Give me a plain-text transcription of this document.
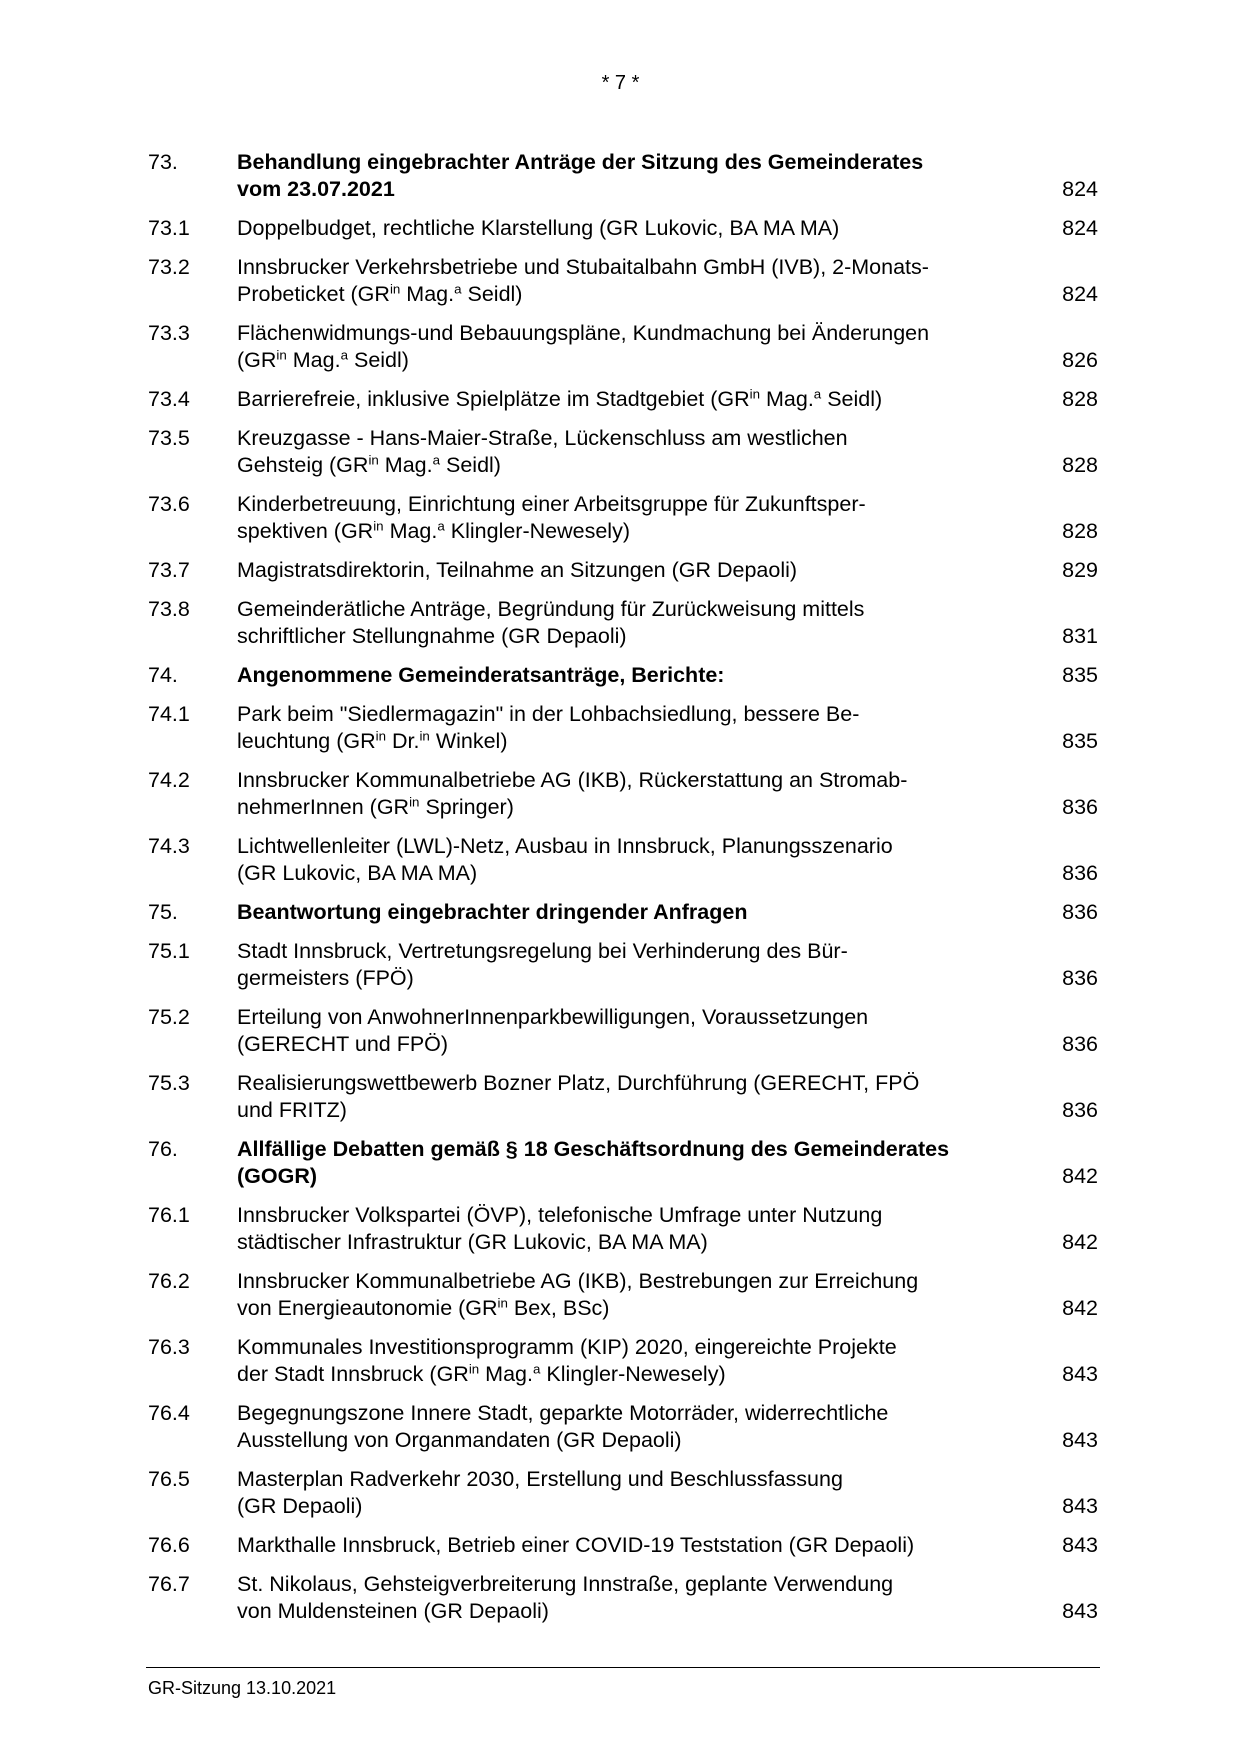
* 7 *
73.	Behandlung eingebrachter Anträge der Sitzung des Gemeinderates
vom 23.07.2021	824
73.1	Doppelbudget, rechtliche Klarstellung (GR Lukovic, BA MA MA)	824
73.2	Innsbrucker Verkehrsbetriebe und Stubaitalbahn GmbH (IVB), 2-Monats-
Probeticket ($GR^{in}$ Mag.$^a$ Seidl)	824
73.3	Flächenwidmungs-und Bebauungspläne, Kundmachung bei Änderungen
($GR^{in}$ Mag.$^a$ Seidl)	826
73.4	Barrierefreie, inklusive Spielplätze im Stadtgebiet ($GR^{in}$ Mag.$^a$ Seidl)	828
73.5	Kreuzgasse - Hans-Maier-Straße, Lückenschluss am westlichen
Gehsteig ($GR^{in}$ Mag.$^a$ Seidl)	828
73.6	Kinderbetreuung, Einrichtung einer Arbeitsgruppe für Zukunftsper-
spektiven ($GR^{in}$ Mag.$^a$ Klingler-Newesely)	828
73.7	Magistratsdirektorin, Teilnahme an Sitzungen (GR Depaoli)	829
73.8	Gemeinderätliche Anträge, Begründung für Zurückweisung mittels
schriftlicher Stellungnahme (GR Depaoli)	831
74.	Angenommene Gemeinderatsanträge, Berichte:	835
74.1	Park beim "Siedlermagazin" in der Lohbachsiedlung, bessere Be-
leuchtung ($GR^{in}$ Dr.$^{in}$ Winkel)	835
74.2	Innsbrucker Kommunalbetriebe AG (IKB), Rückerstattung an Stromab-
nehmerInnen ($GR^{in}$ Springer)	836
74.3	Lichtwellenleiter (LWL)-Netz, Ausbau in Innsbruck, Planungsszenario
(GR Lukovic, BA MA MA)	836
75.	Beantwortung eingebrachter dringender Anfragen	836
75.1	Stadt Innsbruck, Vertretungsregelung bei Verhinderung des Bür-
germeisters (FPÖ)	836
75.2	Erteilung von AnwohnerInnenparkbewilligungen, Voraussetzungen
(GERECHT und FPÖ)	836
75.3	Realisierungswettbewerb Bozner Platz, Durchführung (GERECHT, FPÖ
und FRITZ)	836
76.	Allfällige Debatten gemäß § 18 Geschäftsordnung des Gemeinderates
(GOGR)	842
76.1	Innsbrucker Volkspartei (ÖVP), telefonische Umfrage unter Nutzung
städtischer Infrastruktur (GR Lukovic, BA MA MA)	842
76.2	Innsbrucker Kommunalbetriebe AG (IKB), Bestrebungen zur Erreichung
von Energieautonomie ($GR^{in}$ Bex, BSc)	842
76.3	Kommunales Investitionsprogramm (KIP) 2020, eingereichte Projekte
der Stadt Innsbruck ($GR^{in}$ Mag.$^a$ Klingler-Newesely)	843
76.4	Begegnungszone Innere Stadt, geparkte Motorräder, widerrechtliche
Ausstellung von Organmandaten (GR Depaoli)	843
76.5	Masterplan Radverkehr 2030, Erstellung und Beschlussfassung
(GR Depaoli)	843
76.6	Markthalle Innsbruck, Betrieb einer COVID-19 Teststation (GR Depaoli)	843
76.7	St. Nikolaus, Gehsteigverbreiterung Innstraße, geplante Verwendung
von Muldensteinen (GR Depaoli)	843
GR-Sitzung 13.10.2021
